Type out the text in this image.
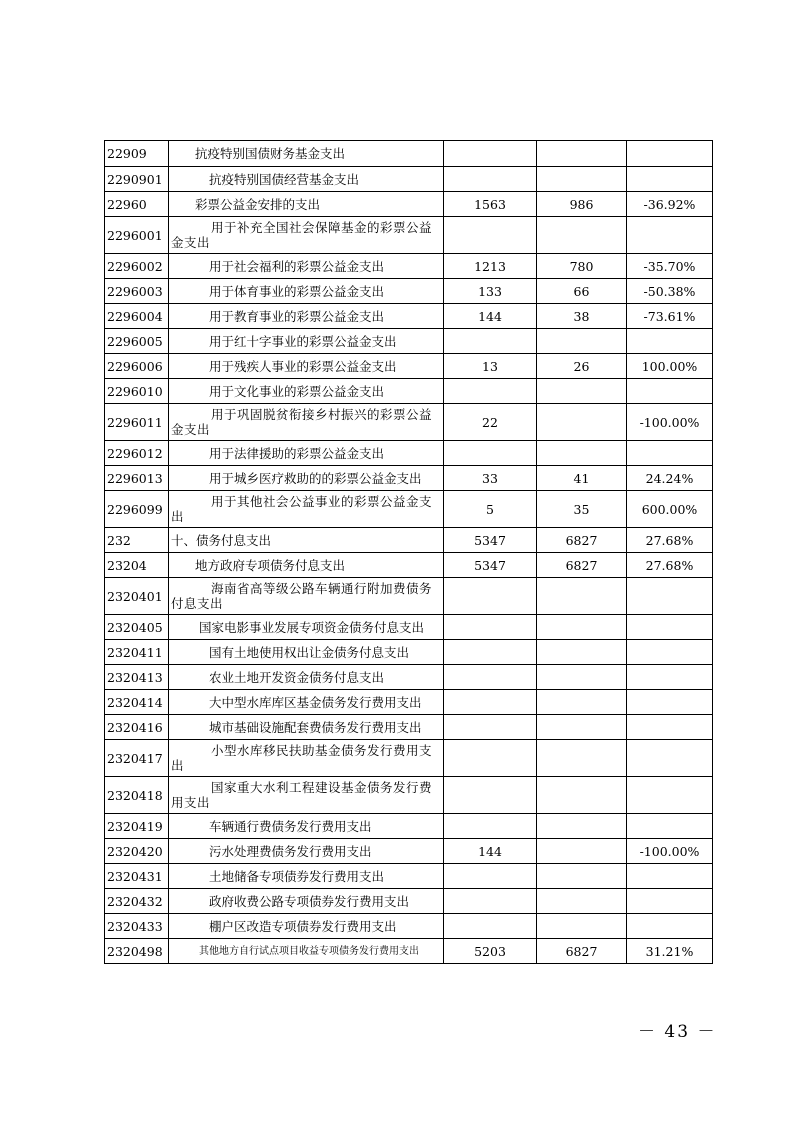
22909	抗疫特别国债财务基金支出			

2290901	抗疫特别国债经营基金支出			

22960	彩票公益金安排的支出	1563	986	-36.92%
2296001	用于补充全国社会保障基金的彩票公益金支出			

2296002	用于社会福利的彩票公益金支出	1213	780	-35.70%
2296003	用于体育事业的彩票公益金支出	133	66	-50.38%
2296004	用于教育事业的彩票公益金支出	144	38	-73.61%
2296005	用于红十字事业的彩票公益金支出			

2296006	用于残疾人事业的彩票公益金支出	13	26	100.00%
2296010	用于文化事业的彩票公益金支出			

2296011	用于巩固脱贫衔接乡村振兴的彩票公益金支出	22		-100.00%
2296012	用于法律援助的彩票公益金支出			

2296013	用于城乡医疗救助的的彩票公益金支出	33	41	24.24%
2296099	用于其他社会公益事业的彩票公益金支出	5	35	600.00%
232	十、债务付息支出	5347	6827	27.68%
23204	地方政府专项债务付息支出	5347	6827	27.68%
2320401	海南省高等级公路车辆通行附加费债务付息支出			

2320405	国家电影事业发展专项资金债务付息支出			

2320411	国有土地使用权出让金债务付息支出			

2320413	农业土地开发资金债务付息支出			

2320414	大中型水库库区基金债务发行费用支出			

2320416	城市基础设施配套费债务发行费用支出			

2320417	小型水库移民扶助基金债务发行费用支出			

2320418	国家重大水利工程建设基金债务发行费用支出			

2320419	车辆通行费债务发行费用支出			

2320420	污水处理费债务发行费用支出	144		-100.00%
2320431	土地储备专项债券发行费用支出			

2320432	政府收费公路专项债券发行费用支出			

2320433	棚户区改造专项债券发行费用支出			

2320498	其他地方自行试点项目收益专项债务发行费用支出	5203	6827	31.21%
－ 43 －
